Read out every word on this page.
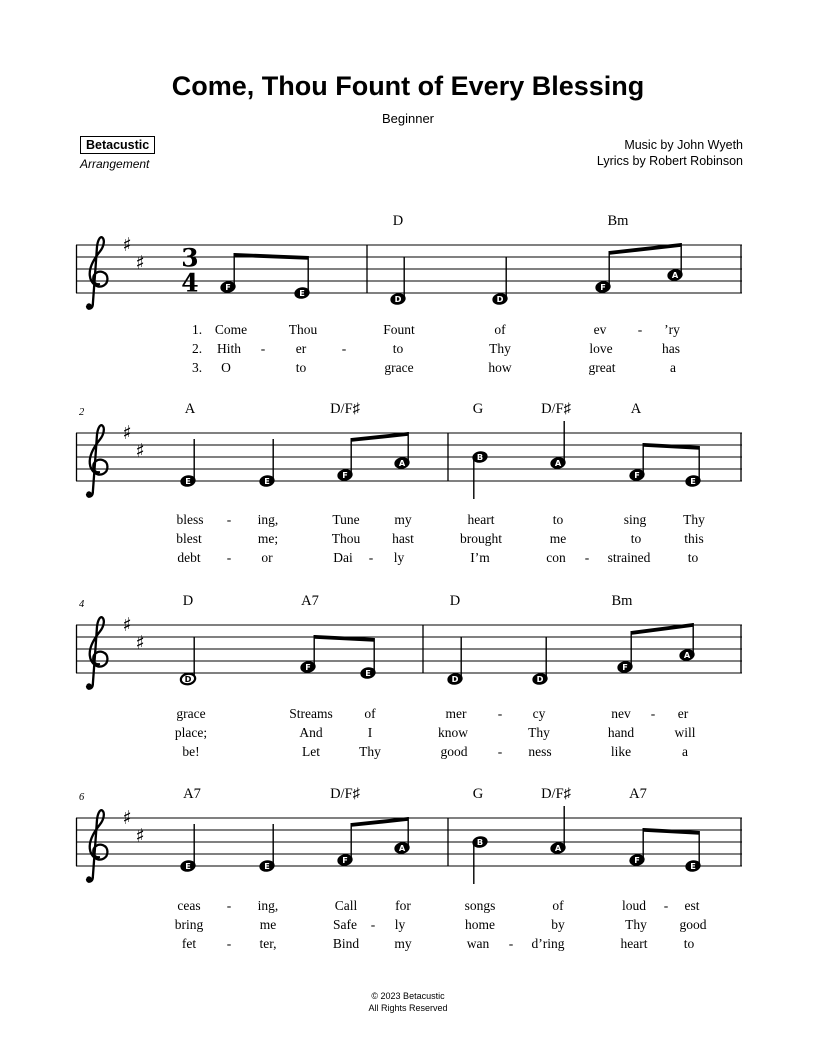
Come, Thou Fount of Every Blessing
Beginner
Betacustic
Arrangement
Music by John Wyeth
Lyrics by Robert Robinson
♯
♯ 3
4
D	Bm
F
E
D	D
F
A
1. Come	Thou	Fount	of	ev - ’ry
2. Hith - er	-	to	Thy	love	has
3. O	to	grace	how	great	a
♯
♯
2	A	D/F♯	G	D/F♯	A
E	E
F
A
B
A
F
E
bless - ing,	Tune	my	heart	to	sing	Thy
blest	me;	Thou hast	brought	me	to	this
debt - or	Dai - ly	I’m	con - strained	to
♯
♯
4	D	A7	D	Bm
D
F
E
D	D
F
A
grace	Streams of	mer - cy	nev - er
place;	And	I	know	Thy	hand	will
be!	Let	Thy	good - ness	like	a
♯
♯
6	A7	D/F♯	G	D/F♯	A7
E	E
F
A
B
A
F
E
ceas - ing,	Call	for	songs	of	loud - est
bring	me	Safe - ly	home	by	Thy good
fet - ter,	Bind	my	wan - d’ring	heart	to
© 2023 Betacustic
All Rights Reserved
